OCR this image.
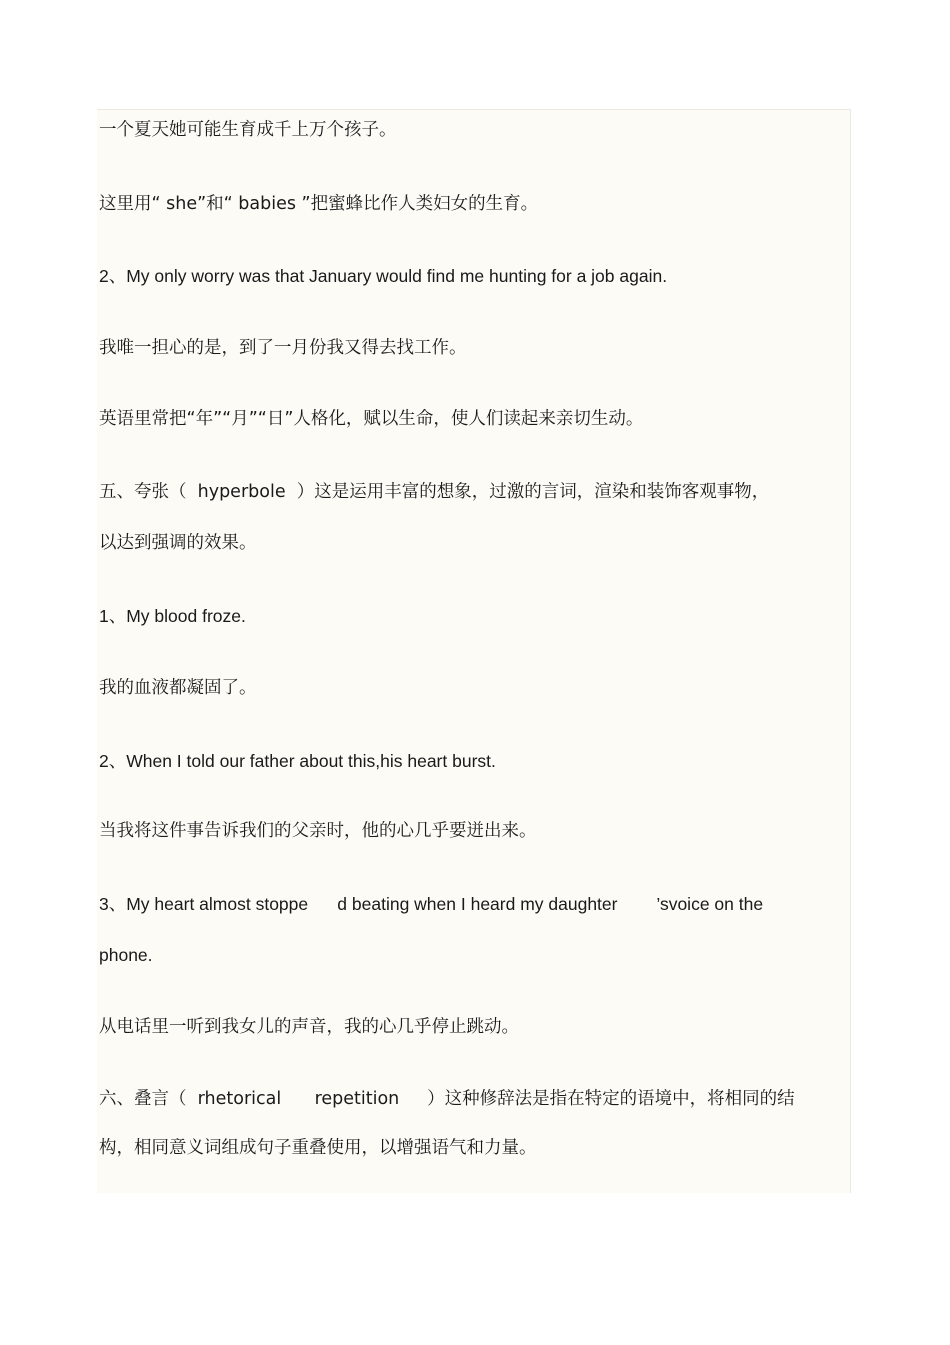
一个夏天她可能生育成千上万个孩子。
这里用“ she”和“ babies ”把蜜蜂比作人类妇女的生育。
2、My only worry was that January would find me hunting for a job again.
我唯一担心的是，到了一月份我又得去找工作。
英语里常把“年”“月”“日”人格化，赋以生命，使人们读起来亲切生动。
五、夸张（  hyperbole  ）这是运用丰富的想象，过激的言词，渲染和装饰客观事物，
以达到强调的效果。
1、My blood froze.
我的血液都凝固了。
2、When I told our father about this,his heart burst.
当我将这件事告诉我们的父亲时，他的心几乎要迸出来。
3、My heart almost stoppe      d beating when I heard my daughter        ’svoice on the
phone.
从电话里一听到我女儿的声音，我的心几乎停止跳动。
六、叠言（  rhetorical      repetition     ）这种修辞法是指在特定的语境中，将相同的结
构，相同意义词组成句子重叠使用，以增强语气和力量。
